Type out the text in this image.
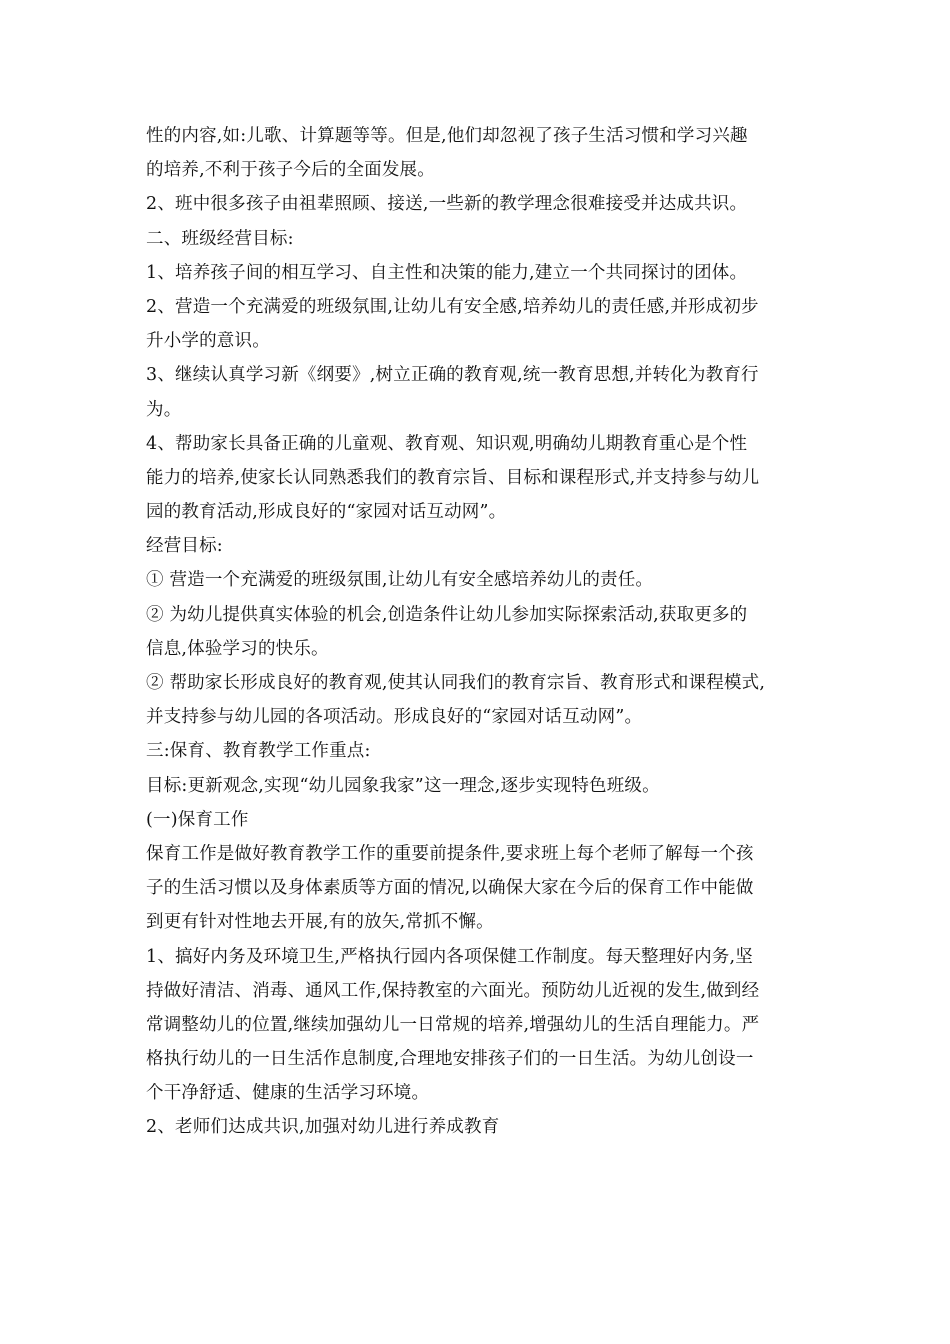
性的内容,如:儿歌、计算题等等。但是,他们却忽视了孩子生活习惯和学习兴趣
的培养,不利于孩子今后的全面发展。
2、班中很多孩子由祖辈照顾、接送,一些新的教学理念很难接受并达成共识。
二、班级经营目标:
1、培养孩子间的相互学习、自主性和决策的能力,建立一个共同探讨的团体。
2、营造一个充满爱的班级氛围,让幼儿有安全感,培养幼儿的责任感,并形成初步
升小学的意识。
3、继续认真学习新《纲要》,树立正确的教育观,统一教育思想,并转化为教育行
为。
4、帮助家长具备正确的儿童观、教育观、知识观,明确幼儿期教育重心是个性
能力的培养,使家长认同熟悉我们的教育宗旨、目标和课程形式,并支持参与幼儿
园的教育活动,形成良好的“家园对话互动网”。
经营目标:
① 营造一个充满爱的班级氛围,让幼儿有安全感培养幼儿的责任。
② 为幼儿提供真实体验的机会,创造条件让幼儿参加实际探索活动,获取更多的
信息,体验学习的快乐。
② 帮助家长形成良好的教育观,使其认同我们的教育宗旨、教育形式和课程模式,
并支持参与幼儿园的各项活动。形成良好的“家园对话互动网”。
三:保育、教育教学工作重点:
目标:更新观念,实现“幼儿园象我家”这一理念,逐步实现特色班级。
(一)保育工作
保育工作是做好教育教学工作的重要前提条件,要求班上每个老师了解每一个孩
子的生活习惯以及身体素质等方面的情况,以确保大家在今后的保育工作中能做
到更有针对性地去开展,有的放矢,常抓不懈。
1、搞好内务及环境卫生,严格执行园内各项保健工作制度。每天整理好内务,坚
持做好清洁、消毒、通风工作,保持教室的六面光。预防幼儿近视的发生,做到经
常调整幼儿的位置,继续加强幼儿一日常规的培养,增强幼儿的生活自理能力。严
格执行幼儿的一日生活作息制度,合理地安排孩子们的一日生活。为幼儿创设一
个干净舒适、健康的生活学习环境。
2、老师们达成共识,加强对幼儿进行养成教育
